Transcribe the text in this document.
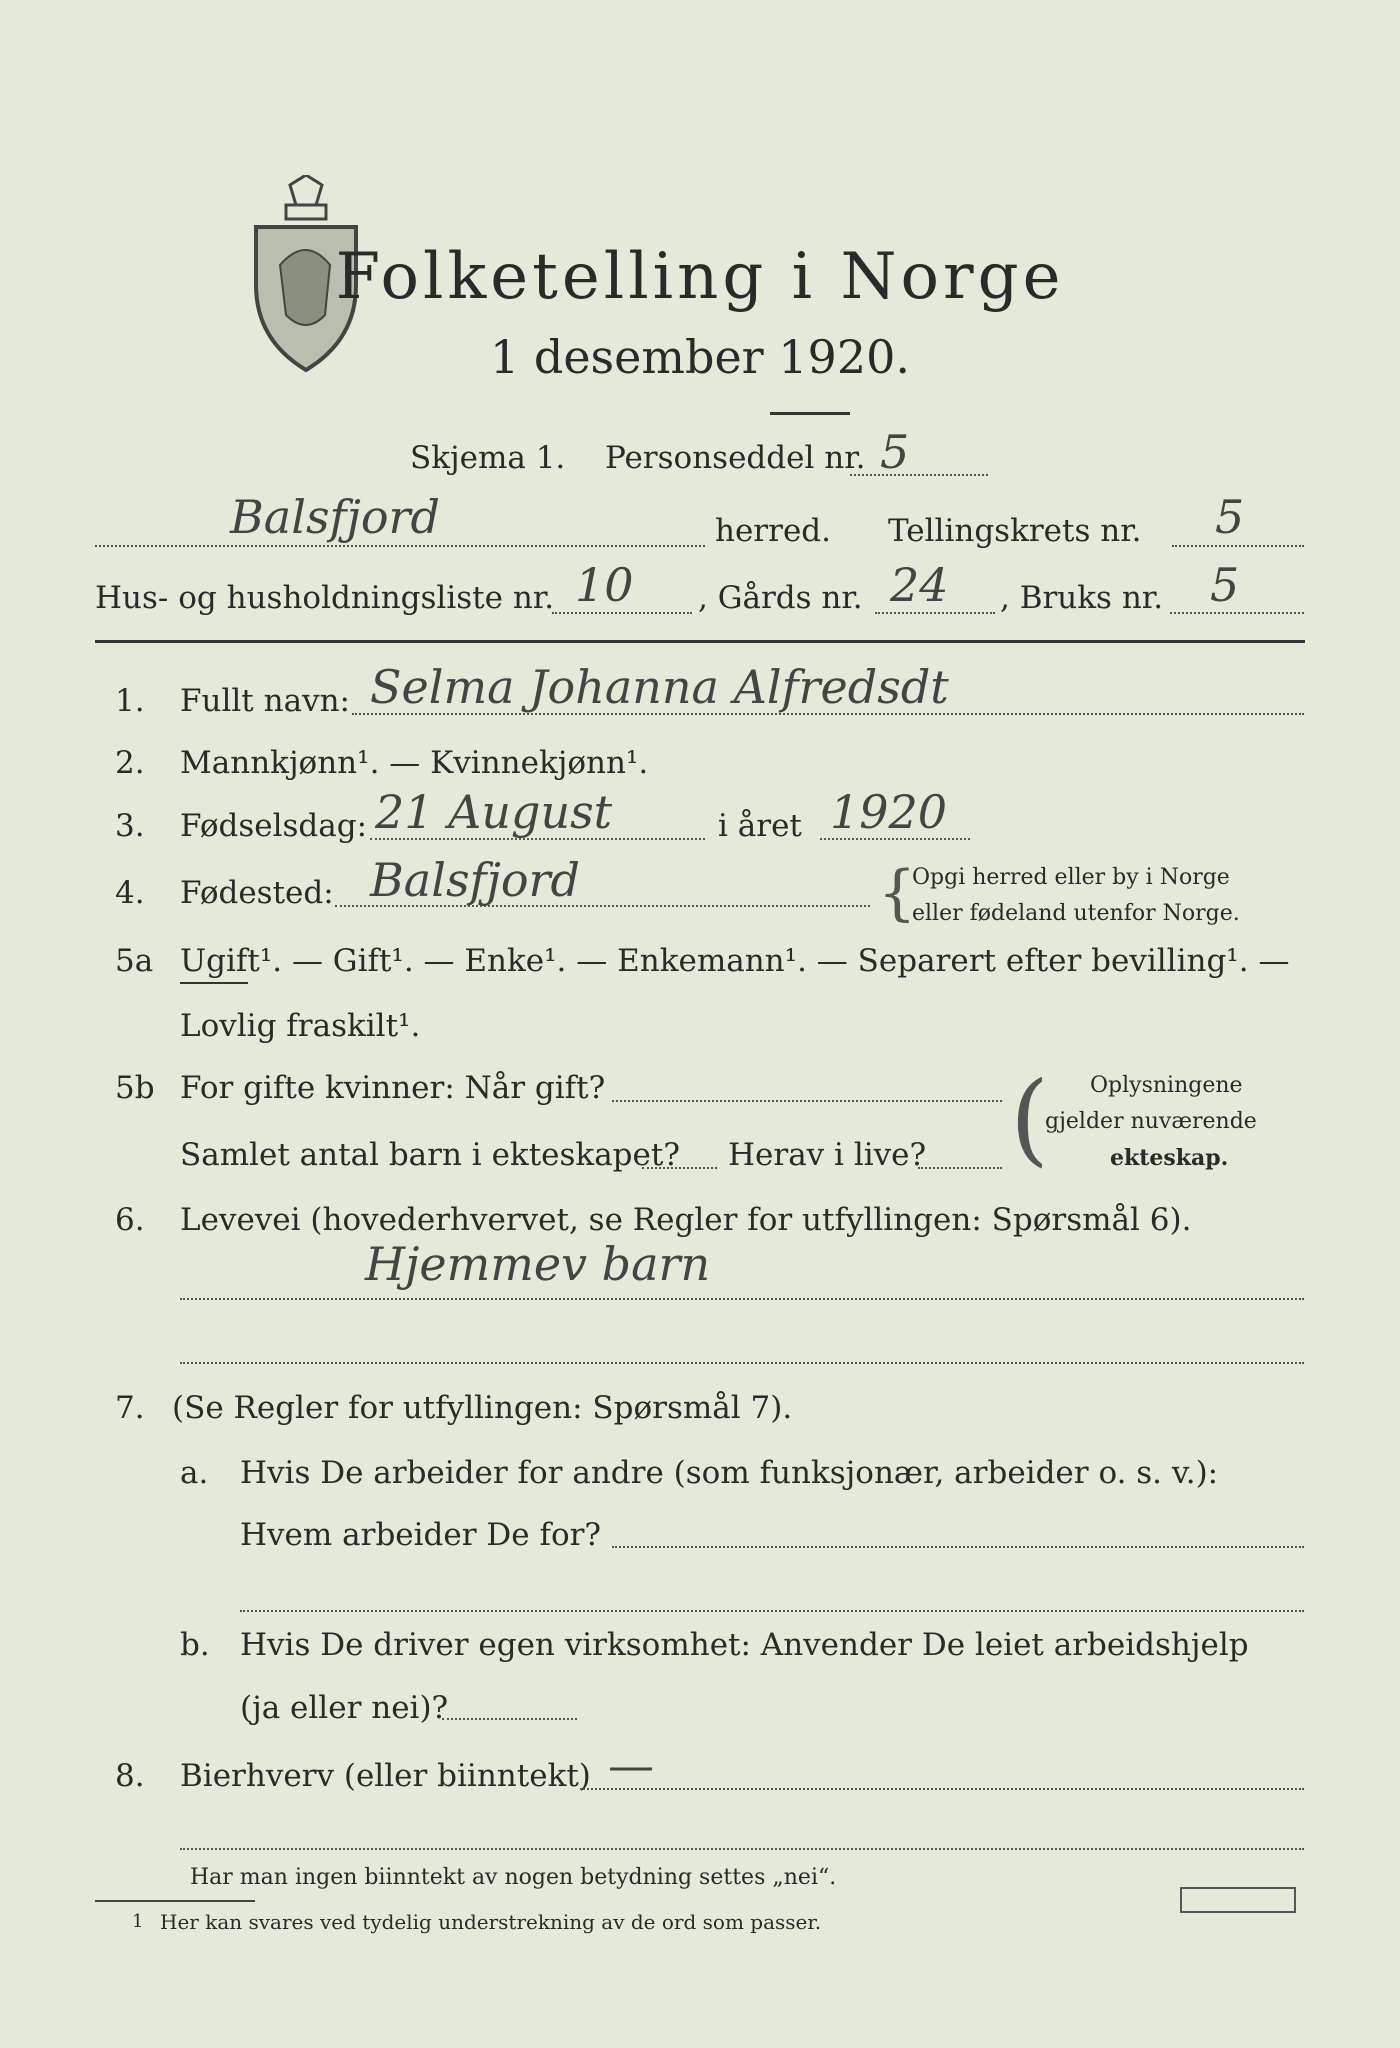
Folketelling i Norge
1 desember 1920.
Skjema 1. Personseddel nr. 5
Balsfjord	herred. Tellingskrets nr. 5
Hus- og husholdningsliste nr. 10 , Gårds nr. 24 , Bruks nr. 5
1. Fullt navn: Selma Johanna Alfredsdt
2. Mannkjønn¹. — Kvinnekjønn¹.
3. Fødselsdag: 21 August	i året 1920
4. Fødested: Balsfjord	{
Opgi herred eller by i Norge
eller fødeland utenfor Norge.
5a Ugift¹. — Gift¹. — Enke¹. — Enkemann¹. — Separert efter bevilling¹. —
Lovlig fraskilt¹.
5b For gifte kvinner: Når gift?
Samlet antal barn i ekteskapet? Herav i live? ( Oplysningene
gjelder nuværende
ekteskap.
6. Levevei (hovederhvervet, se Regler for utfyllingen: Spørsmål 6).
Hjemmev barn
7. (Se Regler for utfyllingen: Spørsmål 7).
a. Hvis De arbeider for andre (som funksjonær, arbeider o. s. v.):
Hvem arbeider De for?
b. Hvis De driver egen virksomhet: Anvender De leiet arbeidshjelp
(ja eller nei)?
8. Bierhverv (eller biinntekt) —
Har man ingen biinntekt av nogen betydning settes „nei“.
1 Her kan svares ved tydelig understrekning av de ord som passer.
